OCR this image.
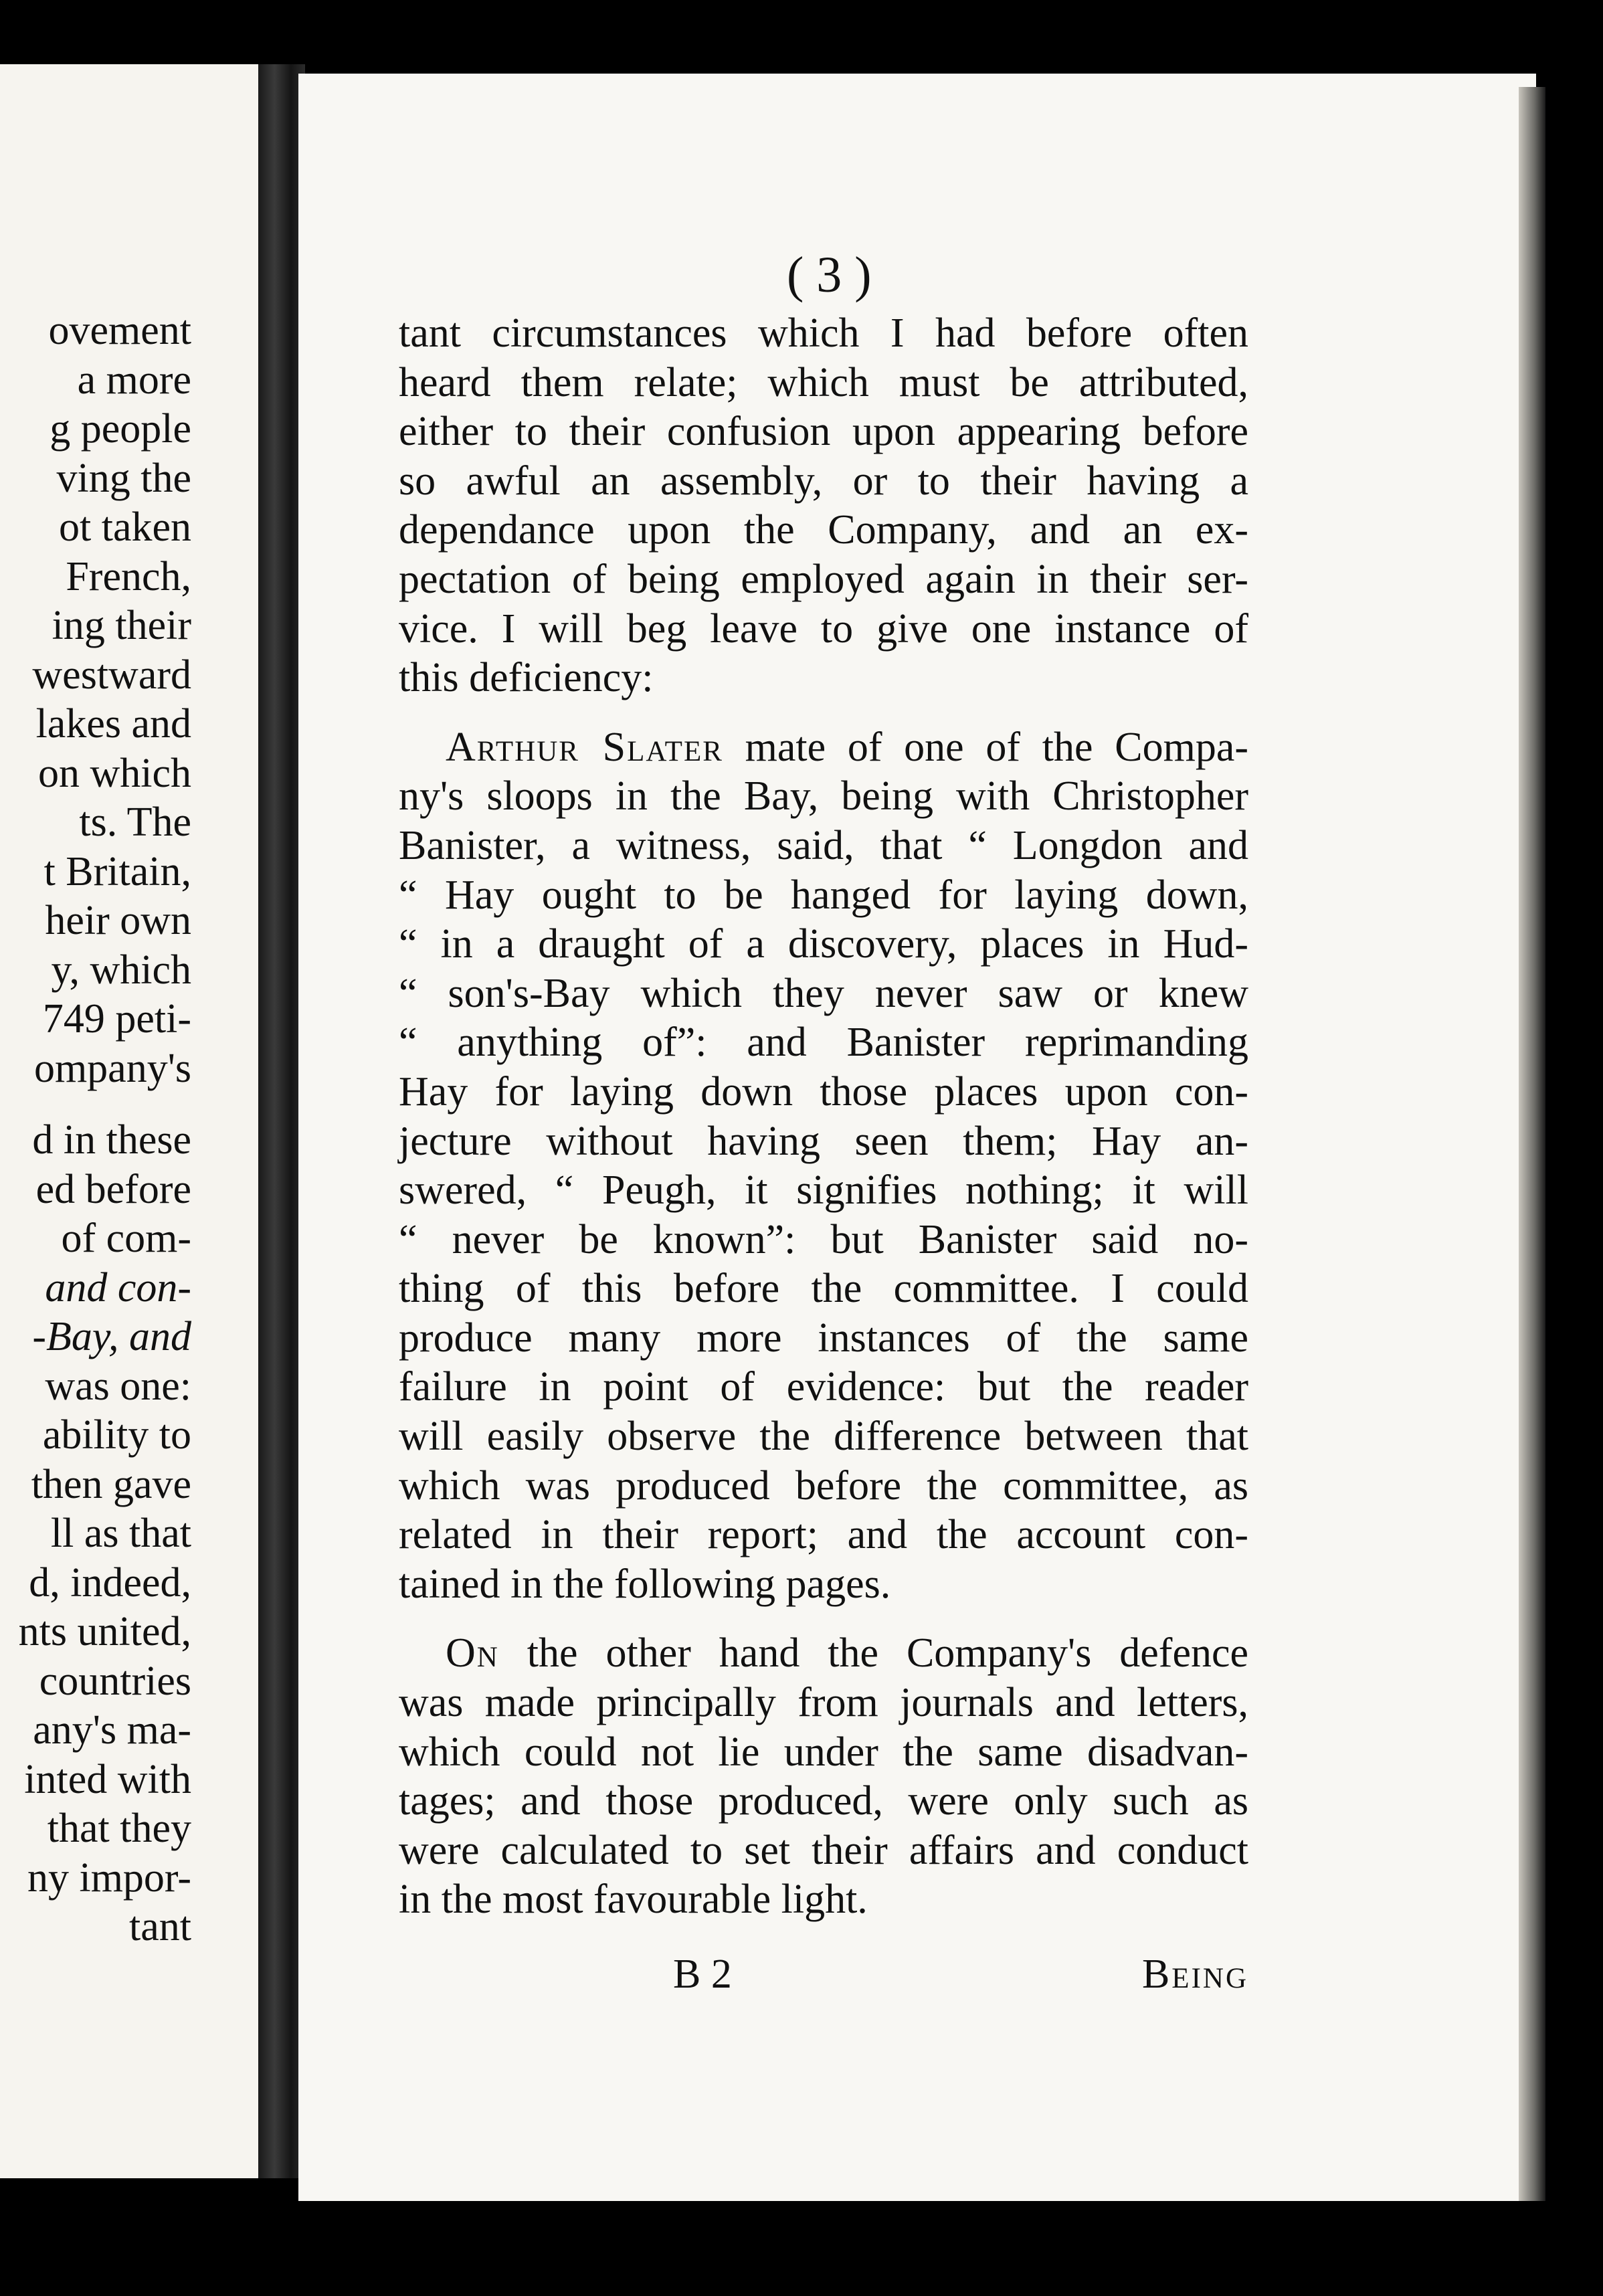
ovement
a more
g people
ving the
ot taken
French,
ing their
westward
lakes and
on which
ts. The
t Britain,
heir own
y, which
749 peti-
ompany's
d in these
ed before
of com-
and con-
-Bay, and
was one:
ability to
then gave
ll as that
d, indeed,
nts united,
countries
any's ma-
inted with
that they
ny impor-
tant
( 3 )
tant circumstances which I had before often
heard them relate; which must be attributed,
either to their confusion upon appearing before
so awful an assembly, or to their having a
dependance upon the Company, and an ex-
pectation of being employed again in their ser-
vice. I will beg leave to give one instance of
this deficiency:
Arthur Slater mate of one of the Compa-
ny's sloops in the Bay, being with Christopher
Banister, a witness, said, that “ Longdon and
“ Hay ought to be hanged for laying down,
“ in a draught of a discovery, places in Hud-
“ son's-Bay which they never saw or knew
“ anything of”: and Banister reprimanding
Hay for laying down those places upon con-
jecture without having seen them; Hay an-
swered, “ Peugh, it signifies nothing; it will
“ never be known”: but Banister said no-
thing of this before the committee. I could
produce many more instances of the same
failure in point of evidence: but the reader
will easily observe the difference between that
which was produced before the committee, as
related in their report; and the account con-
tained in the following pages.
On the other hand the Company's defence
was made principally from journals and letters,
which could not lie under the same disadvan-
tages; and those produced, were only such as
were calculated to set their affairs and conduct
in the most favourable light.
B 2	Being
